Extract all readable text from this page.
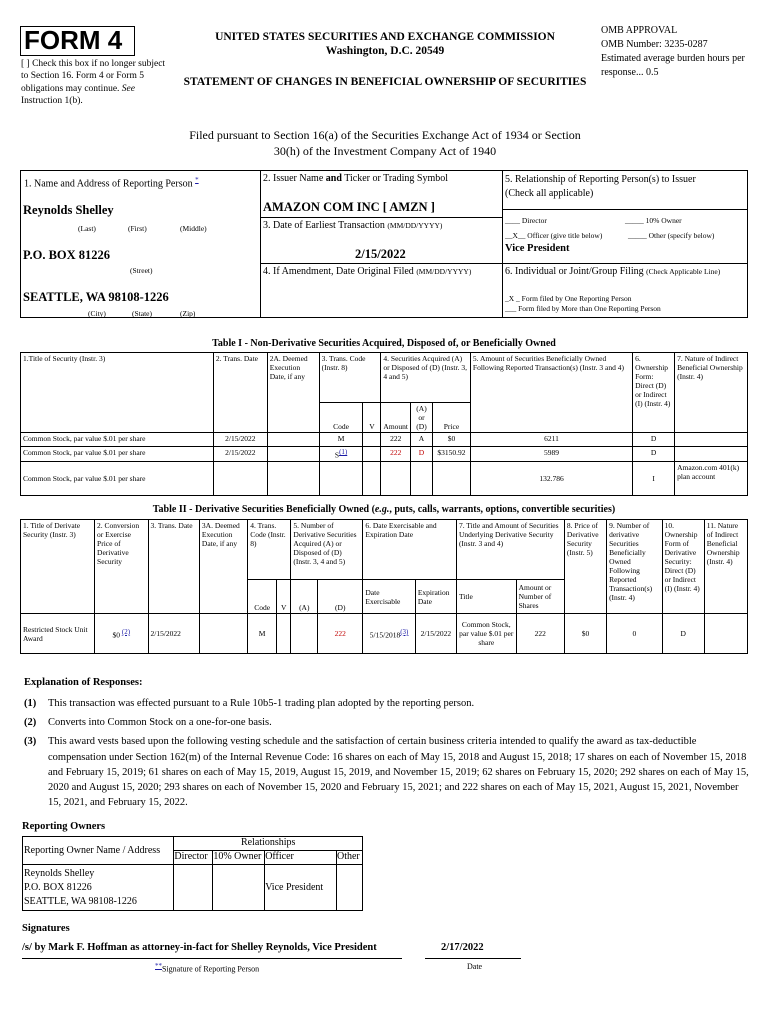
FORM 4
[ ] Check this box if no longer subject to Section 16. Form 4 or Form 5 obligations may continue. See Instruction 1(b).
UNITED STATES SECURITIES AND EXCHANGE COMMISSION
Washington, D.C. 20549
STATEMENT OF CHANGES IN BENEFICIAL OWNERSHIP OF SECURITIES
OMB APPROVAL
OMB Number: 3235-0287
Estimated average burden hours per response... 0.5
Filed pursuant to Section 16(a) of the Securities Exchange Act of 1934 or Section 30(h) of the Investment Company Act of 1940
1. Name and Address of Reporting Person *
Reynolds Shelley
(Last)	(First)	(Middle)
P.O. BOX 81226
(Street)
SEATTLE, WA 98108-1226
(City)	(State)	(Zip)
2. Issuer Name and Ticker or Trading Symbol
AMAZON COM INC [ AMZN ]
3. Date of Earliest Transaction (MM/DD/YYYY)
2/15/2022
4. If Amendment, Date Original Filed (MM/DD/YYYY)
5. Relationship of Reporting Person(s) to Issuer
(Check all applicable)
____ Director	_____ 10% Owner
__X__ Officer (give title below)	_____ Other (specify below)
Vice President
6. Individual or Joint/Group Filing (Check Applicable Line)
_X _ Form filed by One Reporting Person
___ Form filed by More than One Reporting Person
Table I - Non-Derivative Securities Acquired, Disposed of, or Beneficially Owned
1.Title of Security (Instr. 3)	2. Trans. Date	2A. Deemed Execution Date, if any	3. Trans. Code (Instr. 8)		4. Securities Acquired (A) or Disposed of (D) (Instr. 3, 4 and 5)			5. Amount of Securities Beneficially Owned Following Reported Transaction(s) (Instr. 3 and 4)	6. Ownership Form: Direct (D) or Indirect (I) (Instr. 4)	7. Nature of Indirect Beneficial Ownership (Instr. 4)
			Code	V	Amount	(A) or (D)	Price			
Common Stock, par value $.01 per share	2/15/2022		M		222	A	$0	6211	D	
Common Stock, par value $.01 per share	2/15/2022		S(1)		222	D	$3150.92	5989	D	
Common Stock, par value $.01 per share								132.786	I	Amazon.com 401(k) plan account
Table II - Derivative Securities Beneficially Owned (e.g., puts, calls, warrants, options, convertible securities)
1. Title of Derivate Security (Instr. 3)	2. Conversion or Exercise Price of Derivative Security	3. Trans. Date	3A. Deemed Execution Date, if any	4. Trans. Code (Instr. 8)		5. Number of Derivative Securities Acquired (A) or Disposed of (D) (Instr. 3, 4 and 5)		6. Date Exercisable and Expiration Date		7. Title and Amount of Securities Underlying Derivative Security (Instr. 3 and 4)		8. Price of Derivative Security (Instr. 5)	9. Number of derivative Securities Beneficially Owned Following Reported Transaction(s) (Instr. 4)	10. Ownership Form of Derivative Security: Direct (D) or Indirect (I) (Instr. 4)	11. Nature of Indirect Beneficial Ownership (Instr. 4)
				Code	V	(A)	(D)	Date Exercisable	Expiration Date	Title	Amount or Number of Shares				
Restricted Stock Unit Award	$0 (2)	2/15/2022		M			222	5/15/2018(3)	2/15/2022	Common Stock, par value $.01 per share	222	$0	0	D	
Explanation of Responses:
(1)	This transaction was effected pursuant to a Rule 10b5-1 trading plan adopted by the reporting person.
(2)	Converts into Common Stock on a one-for-one basis.
(3)	This award vests based upon the following vesting schedule and the satisfaction of certain business criteria intended to qualify the award as tax-deductible compensation under Section 162(m) of the Internal Revenue Code: 16 shares on each of May 15, 2018 and August 15, 2018; 17 shares on each of November 15, 2018 and February 15, 2019; 61 shares on each of May 15, 2019, August 15, 2019, and November 15, 2019; 62 shares on February 15, 2020; 292 shares on each of May 15, 2020 and August 15, 2020; 293 shares on each of November 15, 2020 and February 15, 2021; and 222 shares on each of May 15, 2021, August 15, 2021, November 15, 2021, and February 15, 2022.
Reporting Owners
Reporting Owner Name / Address	Relationships			
	Director	10% Owner	Officer	Other

Reynolds Shelley
P.O. BOX 81226
SEATTLE, WA 98108-1226			Vice President	
Signatures
/s/ by Mark F. Hoffman as attorney-in-fact for Shelley Reynolds, Vice President	2/17/2022
**Signature of Reporting Person	Date
